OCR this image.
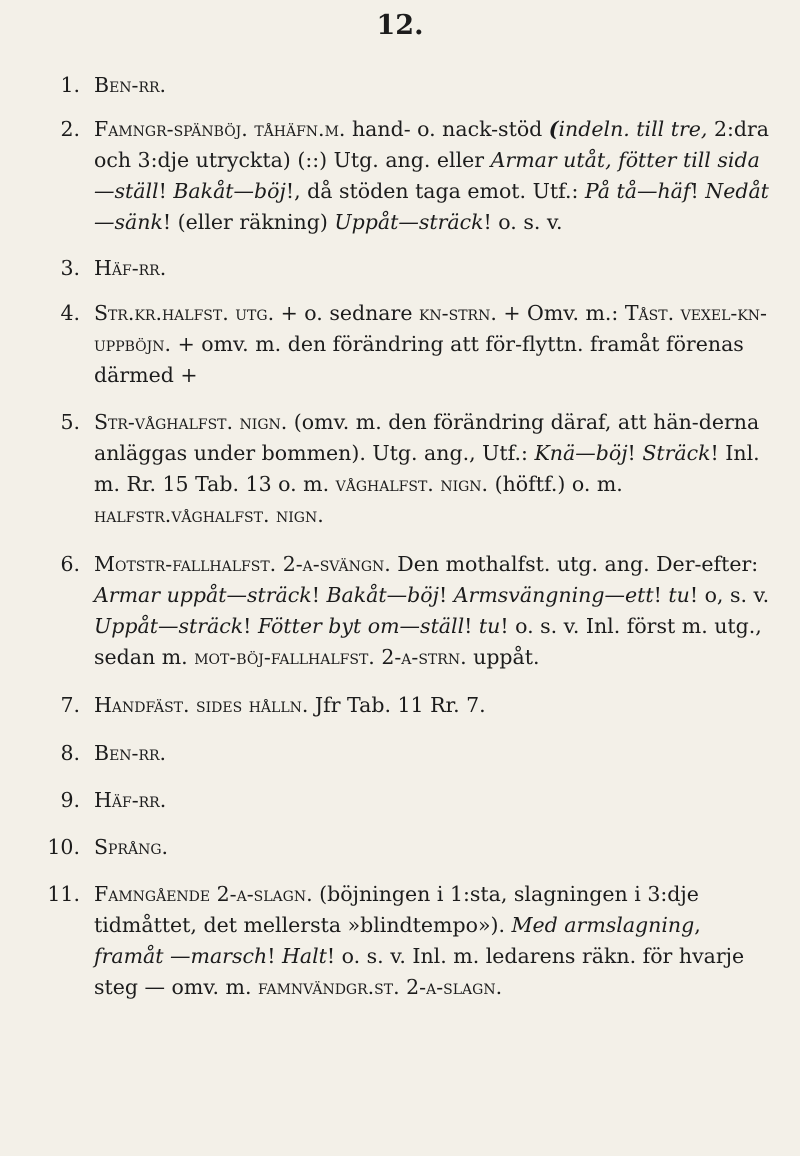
12.
1. Ben-rr.
2. Famngr-spänböj. tåhäfn.m. hand- o. nack-stöd (indeln. till tre, 2:dra och 3:dje utryckta) (::) Utg. ang. eller Armar utåt, fötter till sida—ställ! Bakåt—böj!, då stöden taga emot. Utf.: På tå—häf! Nedåt—sänk! (eller räkning) Uppåt—sträck! o. s. v.
3. Häf-rr.
4. Str.kr.halfst. utg. + o. sednare kn-strn. + Omv. m.: Tåst. vexel-kn-uppböjn. + omv. m. den förändring att för-flyttn. framåt förenas därmed +
5. Str-våghalfst. nign. (omv. m. den förändring däraf, att hän-derna anläggas under bommen). Utg. ang., Utf.: Knä—böj! Sträck! Inl. m. Rr. 15 Tab. 13 o. m. våghalfst. nign. (höftf.) o. m. halfstr.våghalfst. nign.
6. Motstr-fallhalfst. 2-a-svängn. Den mothalfst. utg. ang. Der-efter: Armar uppåt—sträck! Bakåt—böj! Armsvängning—ett! tu! o, s. v. Uppåt—sträck! Fötter byt om—ställ! tu! o. s. v. Inl. först m. utg., sedan m. mot-böj-fallhalfst. 2-a-strn. uppåt.
7. Handfäst. sides hålln. Jfr Tab. 11 Rr. 7.
8. Ben-rr.
9. Häf-rr.
10. Språng.
11. Famngående 2-a-slagn. (böjningen i 1:sta, slagningen i 3:dje tidmåttet, det mellersta »blindtempo»). Med armslagning, framåt —marsch! Halt! o. s. v. Inl. m. ledarens räkn. för hvarje steg — omv. m. famnvändgr.st. 2-a-slagn.
